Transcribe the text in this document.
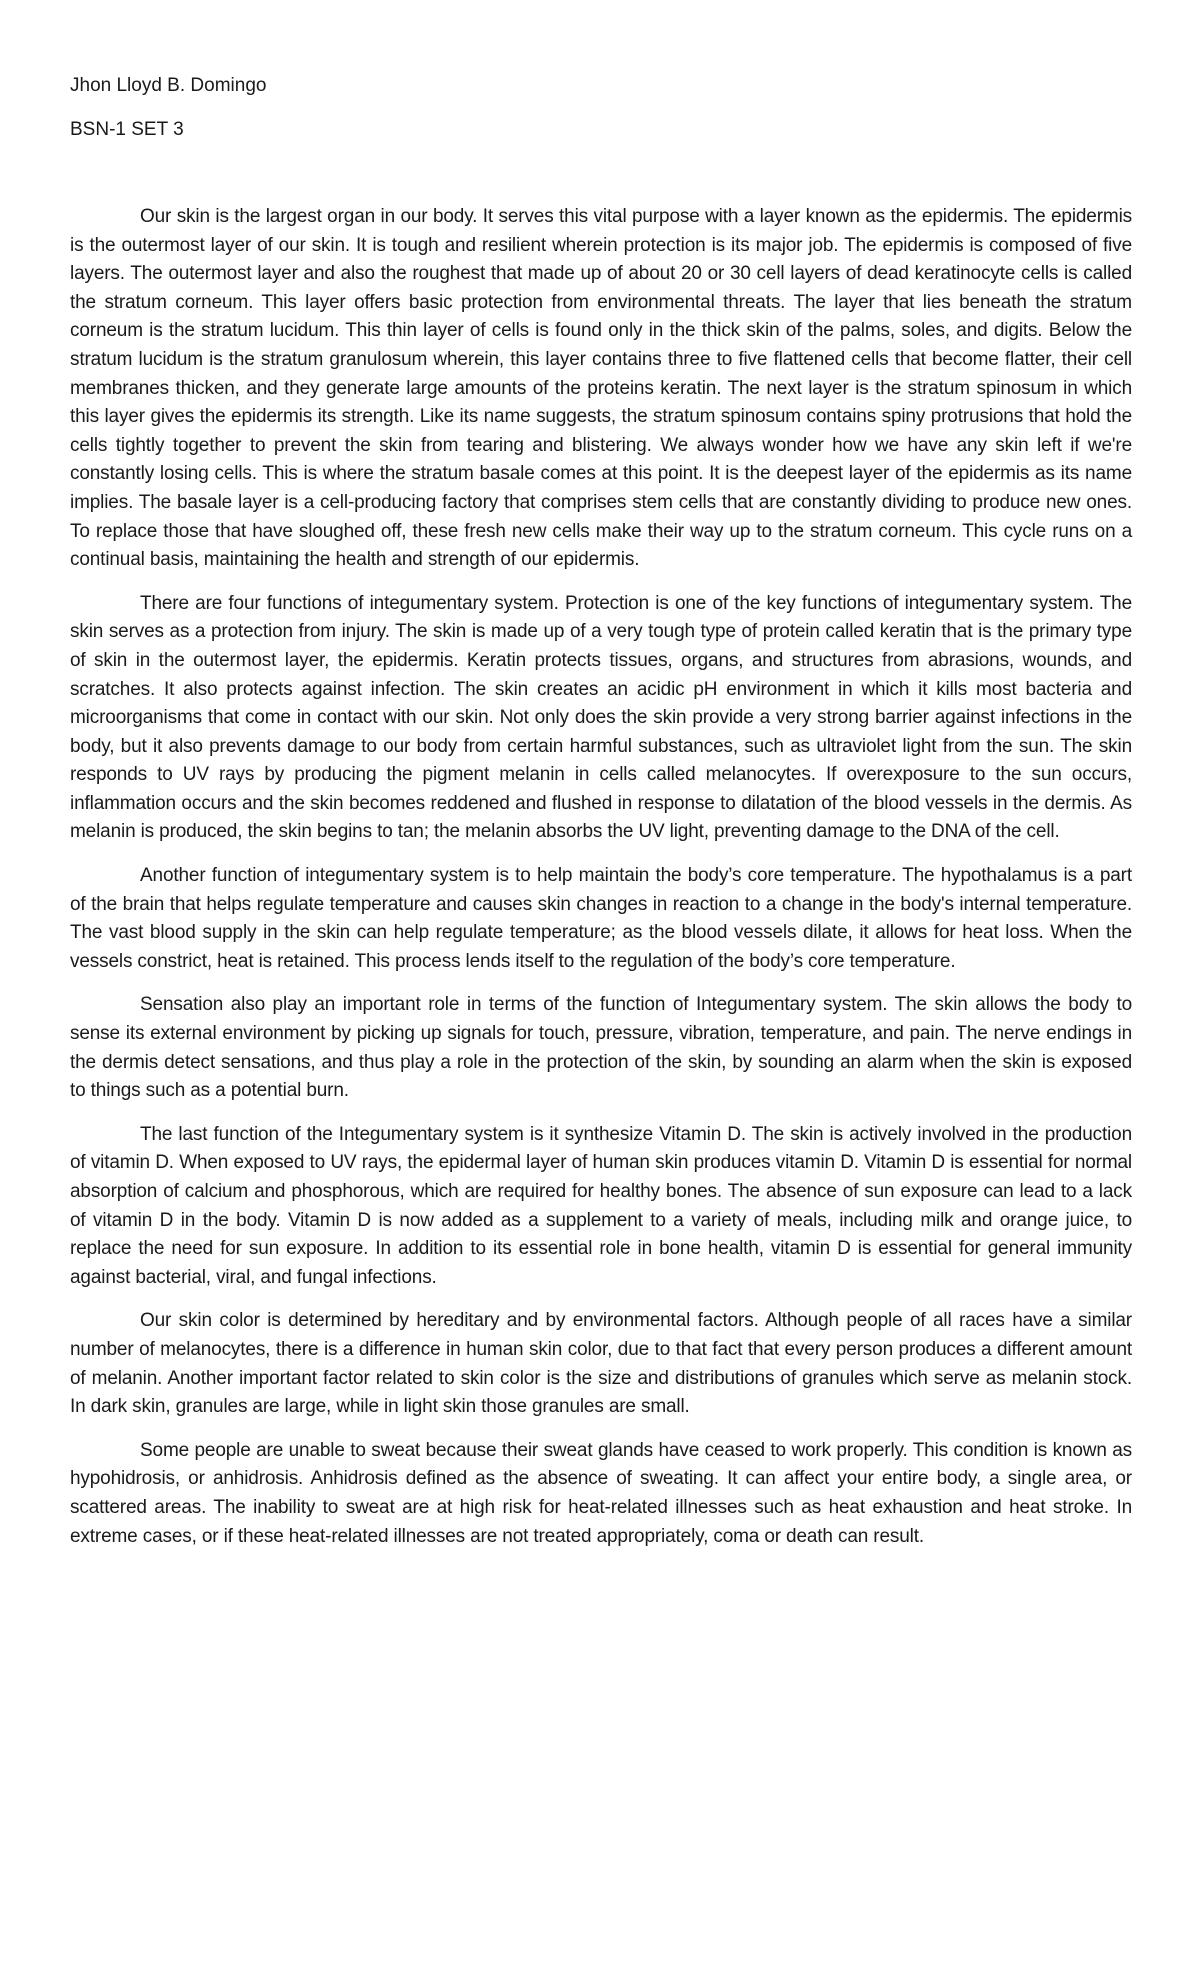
Jhon Lloyd B. Domingo

BSN-1 SET 3

Our skin is the largest organ in our body. It serves this vital purpose with a layer known as the epidermis. The epidermis is the outermost layer of our skin. It is tough and resilient wherein protection is its major job. The epidermis is composed of five layers. The outermost layer and also the roughest that made up of about 20 or 30 cell layers of dead keratinocyte cells is called the stratum corneum. This layer offers basic protection from environmental threats. The layer that lies beneath the stratum corneum is the stratum lucidum. This thin layer of cells is found only in the thick skin of the palms, soles, and digits. Below the stratum lucidum is the stratum granulosum wherein, this layer contains three to five flattened cells that become flatter, their cell membranes thicken, and they generate large amounts of the proteins keratin. The next layer is the stratum spinosum in which this layer gives the epidermis its strength. Like its name suggests, the stratum spinosum contains spiny protrusions that hold the cells tightly together to prevent the skin from tearing and blistering. We always wonder how we have any skin left if we're constantly losing cells. This is where the stratum basale comes at this point. It is the deepest layer of the epidermis as its name implies. The basale layer is a cell-producing factory that comprises stem cells that are constantly dividing to produce new ones. To replace those that have sloughed off, these fresh new cells make their way up to the stratum corneum. This cycle runs on a continual basis, maintaining the health and strength of our epidermis.

There are four functions of integumentary system. Protection is one of the key functions of integumentary system. The skin serves as a protection from injury. The skin is made up of a very tough type of protein called keratin that is the primary type of skin in the outermost layer, the epidermis. Keratin protects tissues, organs, and structures from abrasions, wounds, and scratches. It also protects against infection. The skin creates an acidic pH environment in which it kills most bacteria and microorganisms that come in contact with our skin. Not only does the skin provide a very strong barrier against infections in the body, but it also prevents damage to our body from certain harmful substances, such as ultraviolet light from the sun. The skin responds to UV rays by producing the pigment melanin in cells called melanocytes. If overexposure to the sun occurs, inflammation occurs and the skin becomes reddened and flushed in response to dilatation of the blood vessels in the dermis. As melanin is produced, the skin begins to tan; the melanin absorbs the UV light, preventing damage to the DNA of the cell.

Another function of integumentary system is to help maintain the body’s core temperature. The hypothalamus is a part of the brain that helps regulate temperature and causes skin changes in reaction to a change in the body's internal temperature. The vast blood supply in the skin can help regulate temperature; as the blood vessels dilate, it allows for heat loss. When the vessels constrict, heat is retained. This process lends itself to the regulation of the body’s core temperature.

Sensation also play an important role in terms of the function of Integumentary system. The skin allows the body to sense its external environment by picking up signals for touch, pressure, vibration, temperature, and pain. The nerve endings in the dermis detect sensations, and thus play a role in the protection of the skin, by sounding an alarm when the skin is exposed to things such as a potential burn.

The last function of the Integumentary system is it synthesize Vitamin D. The skin is actively involved in the production of vitamin D. When exposed to UV rays, the epidermal layer of human skin produces vitamin D. Vitamin D is essential for normal absorption of calcium and phosphorous, which are required for healthy bones. The absence of sun exposure can lead to a lack of vitamin D in the body. Vitamin D is now added as a supplement to a variety of meals, including milk and orange juice, to replace the need for sun exposure. In addition to its essential role in bone health, vitamin D is essential for general immunity against bacterial, viral, and fungal infections.

Our skin color is determined by hereditary and by environmental factors. Although people of all races have a similar number of melanocytes, there is a difference in human skin color, due to that fact that every person produces a different amount of melanin. Another important factor related to skin color is the size and distributions of granules which serve as melanin stock. In dark skin, granules are large, while in light skin those granules are small.

Some people are unable to sweat because their sweat glands have ceased to work properly. This condition is known as hypohidrosis, or anhidrosis. Anhidrosis defined as the absence of sweating. It can affect your entire body, a single area, or scattered areas. The inability to sweat are at high risk for heat-related illnesses such as heat exhaustion and heat stroke. In extreme cases, or if these heat-related illnesses are not treated appropriately, coma or death can result.
